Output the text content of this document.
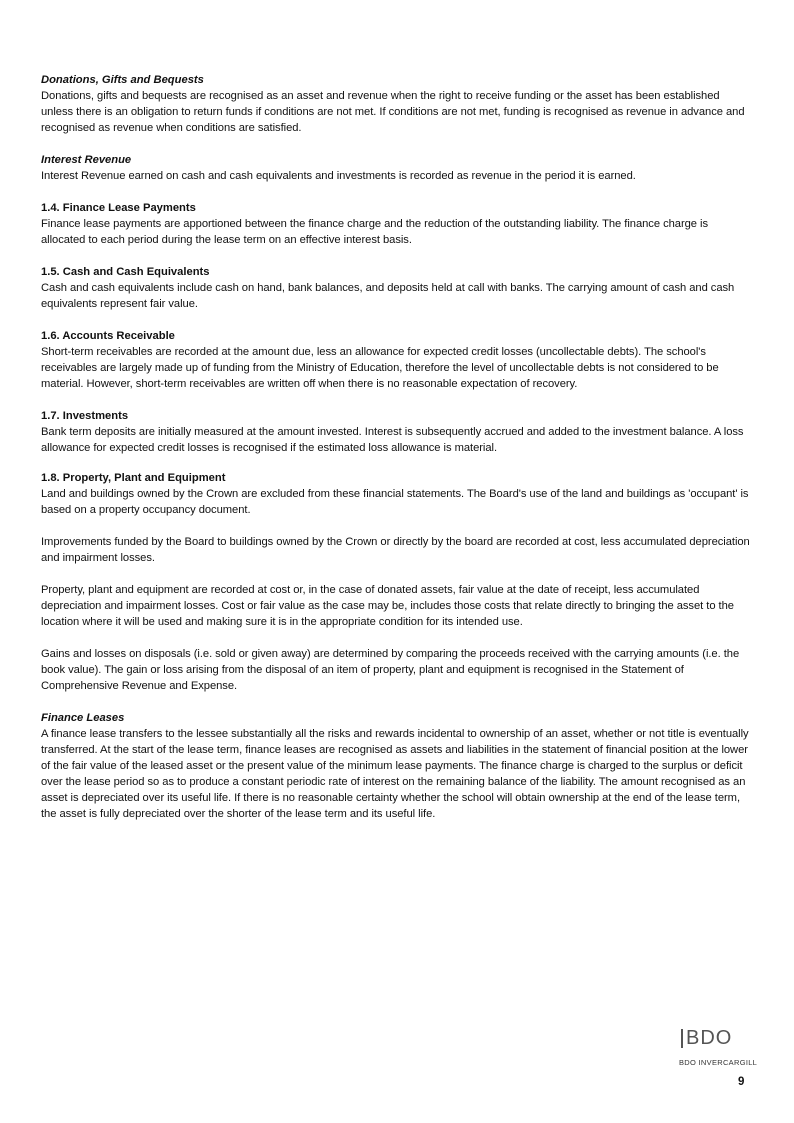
Donations, Gifts and Bequests

Donations, gifts and bequests are recognised as an asset and revenue when the right to receive funding or the asset has been established unless there is an obligation to return funds if conditions are not met. If conditions are not met, funding is recognised as revenue in advance and recognised as revenue when conditions are satisfied.

Interest Revenue

Interest Revenue earned on cash and cash equivalents and investments is recorded as revenue in the period it is earned.

1.4. Finance Lease Payments

Finance lease payments are apportioned between the finance charge and the reduction of the outstanding liability. The finance charge is allocated to each period during the lease term on an effective interest basis.

1.5. Cash and Cash Equivalents

Cash and cash equivalents include cash on hand, bank balances, and deposits held at call with banks. The carrying amount of cash and cash equivalents represent fair value.

1.6. Accounts Receivable

Short-term receivables are recorded at the amount due, less an allowance for expected credit losses (uncollectable debts). The school's receivables are largely made up of funding from the Ministry of Education, therefore the level of uncollectable debts is not considered to be material. However, short-term receivables are written off when there is no reasonable expectation of recovery.

1.7. Investments

Bank term deposits are initially measured at the amount invested. Interest is subsequently accrued and added to the investment balance. A loss allowance for expected credit losses is recognised if the estimated loss allowance is material.

1.8. Property, Plant and Equipment

Land and buildings owned by the Crown are excluded from these financial statements. The Board's use of the land and buildings as 'occupant' is based on a property occupancy document.

Improvements funded by the Board to buildings owned by the Crown or directly by the board are recorded at cost, less accumulated depreciation and impairment losses.

Property, plant and equipment are recorded at cost or, in the case of donated assets, fair value at the date of receipt, less accumulated depreciation and impairment losses. Cost or fair value as the case may be, includes those costs that relate directly to bringing the asset to the location where it will be used and making sure it is in the appropriate condition for its intended use.

Gains and losses on disposals (i.e. sold or given away) are determined by comparing the proceeds received with the carrying amounts (i.e. the book value). The gain or loss arising from the disposal of an item of property, plant and equipment is recognised in the Statement of Comprehensive Revenue and Expense.

Finance Leases

A finance lease transfers to the lessee substantially all the risks and rewards incidental to ownership of an asset, whether or not title is eventually transferred. At the start of the lease term, finance leases are recognised as assets and liabilities in the statement of financial position at the lower of the fair value of the leased asset or the present value of the minimum lease payments. The finance charge is charged to the surplus or deficit over the lease period so as to produce a constant periodic rate of interest on the remaining balance of the liability. The amount recognised as an asset is depreciated over its useful life. If there is no reasonable certainty whether the school will obtain ownership at the end of the lease term, the asset is fully depreciated over the shorter of the lease term and its useful life.

BDO
BDO INVERCARGILL
9
